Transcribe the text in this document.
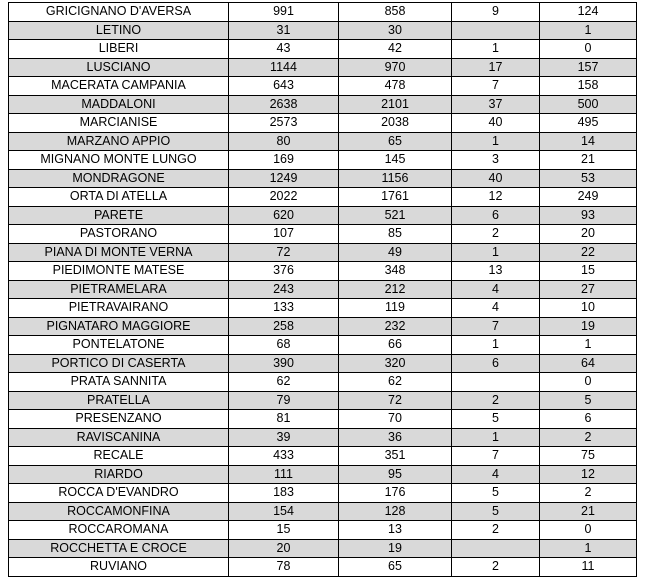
GRICIGNANO D'AVERSA	991	858	9	124
LETINO	31	30		1
LIBERI	43	42	1	0
LUSCIANO	1144	970	17	157
MACERATA CAMPANIA	643	478	7	158
MADDALONI	2638	2101	37	500
MARCIANISE	2573	2038	40	495
MARZANO APPIO	80	65	1	14
MIGNANO MONTE LUNGO	169	145	3	21
MONDRAGONE	1249	1156	40	53
ORTA DI ATELLA	2022	1761	12	249
PARETE	620	521	6	93
PASTORANO	107	85	2	20
PIANA DI MONTE VERNA	72	49	1	22
PIEDIMONTE MATESE	376	348	13	15
PIETRAMELARA	243	212	4	27
PIETRAVAIRANO	133	119	4	10
PIGNATARO MAGGIORE	258	232	7	19
PONTELATONE	68	66	1	1
PORTICO DI CASERTA	390	320	6	64
PRATA SANNITA	62	62		0
PRATELLA	79	72	2	5
PRESENZANO	81	70	5	6
RAVISCANINA	39	36	1	2
RECALE	433	351	7	75
RIARDO	111	95	4	12
ROCCA D'EVANDRO	183	176	5	2
ROCCAMONFINA	154	128	5	21
ROCCAROMANA	15	13	2	0
ROCCHETTA E CROCE	20	19		1
RUVIANO	78	65	2	11
